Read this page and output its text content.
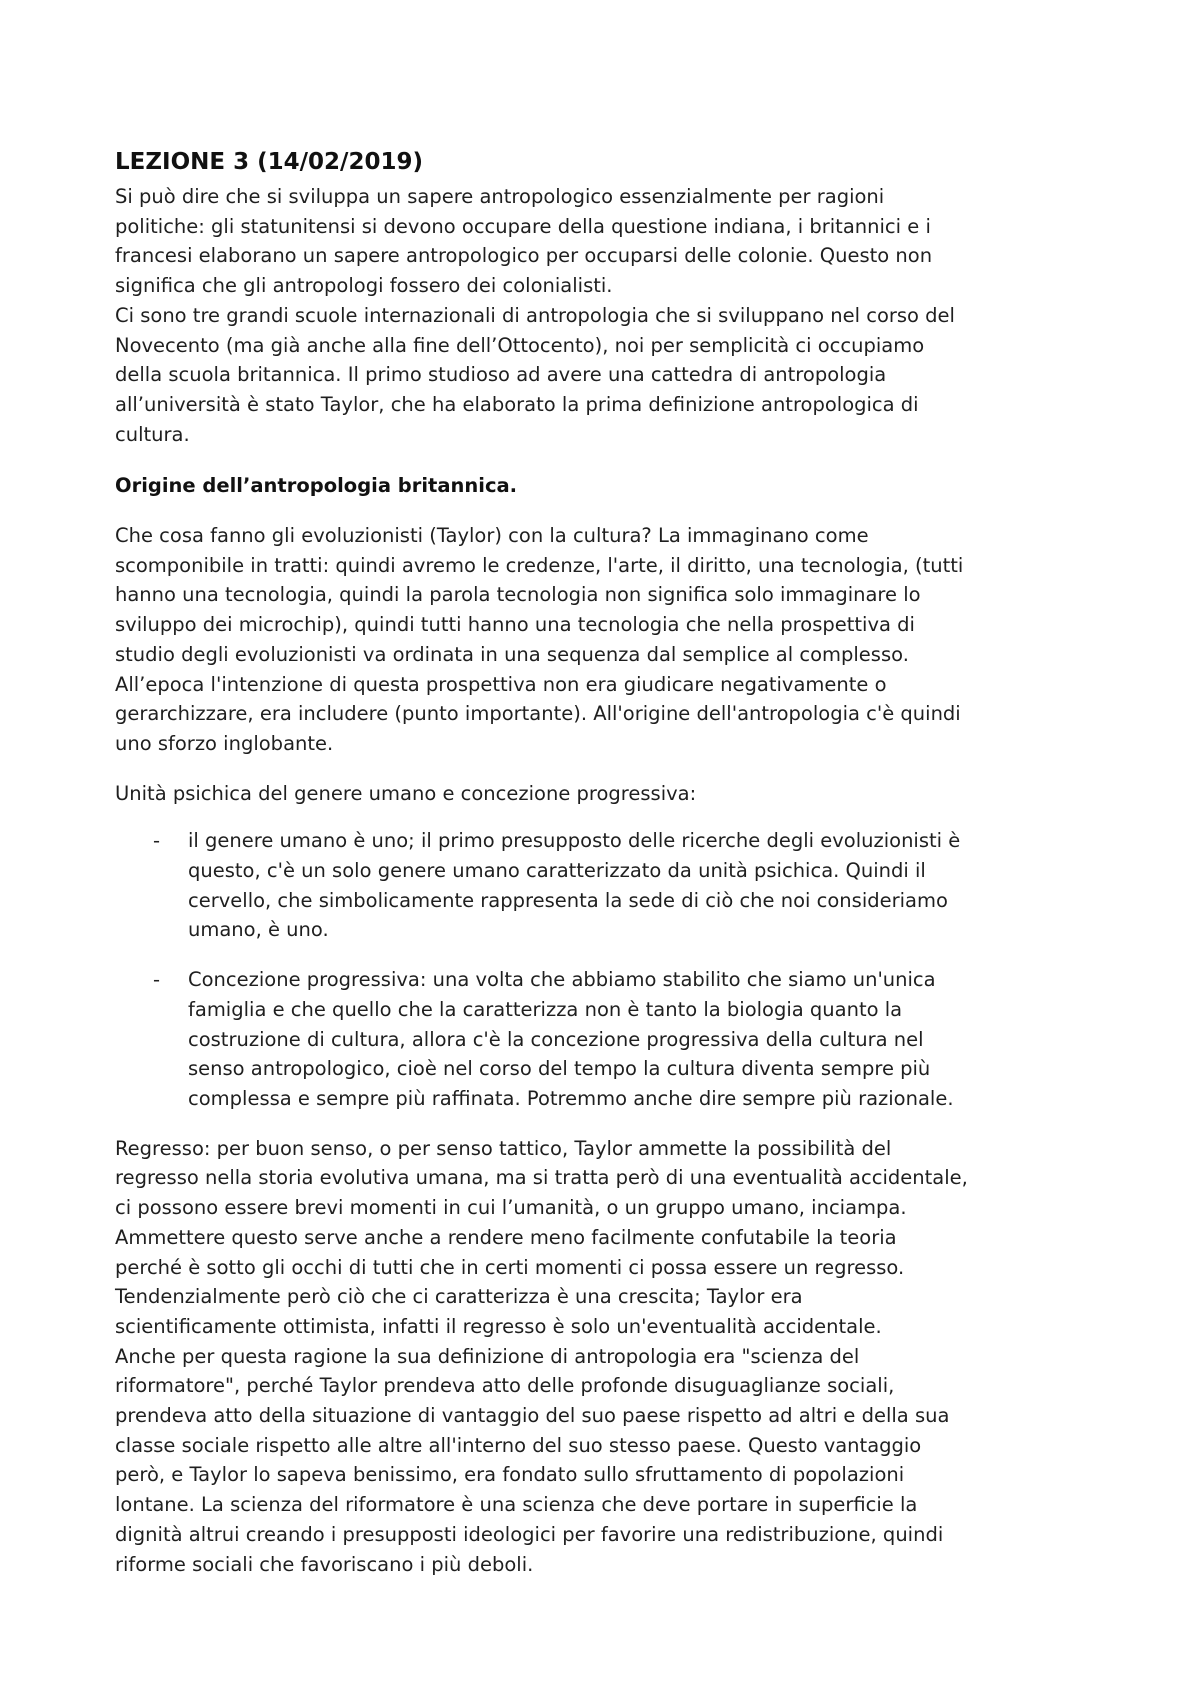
LEZIONE 3 (14/02/2019)

Si può dire che si sviluppa un sapere antropologico essenzialmente per ragioni
politiche: gli statunitensi si devono occupare della questione indiana, i britannici e i
francesi elaborano un sapere antropologico per occuparsi delle colonie. Questo non
significa che gli antropologi fossero dei colonialisti.
Ci sono tre grandi scuole internazionali di antropologia che si sviluppano nel corso del
Novecento (ma già anche alla fine dell’Ottocento), noi per semplicità ci occupiamo
della scuola britannica. Il primo studioso ad avere una cattedra di antropologia
all’università è stato Taylor, che ha elaborato la prima definizione antropologica di
cultura.

Origine dell’antropologia britannica.

Che cosa fanno gli evoluzionisti (Taylor) con la cultura? La immaginano come
scomponibile in tratti: quindi avremo le credenze, l'arte, il diritto, una tecnologia, (tutti
hanno una tecnologia, quindi la parola tecnologia non significa solo immaginare lo
sviluppo dei microchip), quindi tutti hanno una tecnologia che nella prospettiva di
studio degli evoluzionisti va ordinata in una sequenza dal semplice al complesso.
All’epoca l'intenzione di questa prospettiva non era giudicare negativamente o
gerarchizzare, era includere (punto importante). All'origine dell'antropologia c'è quindi
uno sforzo inglobante.

Unità psichica del genere umano e concezione progressiva:

-	il genere umano è uno; il primo presupposto delle ricerche degli evoluzionisti è
questo, c'è un solo genere umano caratterizzato da unità psichica. Quindi il
cervello, che simbolicamente rappresenta la sede di ciò che noi consideriamo
umano, è uno.
-	Concezione progressiva: una volta che abbiamo stabilito che siamo un'unica
famiglia e che quello che la caratterizza non è tanto la biologia quanto la
costruzione di cultura, allora c'è la concezione progressiva della cultura nel
senso antropologico, cioè nel corso del tempo la cultura diventa sempre più
complessa e sempre più raffinata. Potremmo anche dire sempre più razionale.

Regresso: per buon senso, o per senso tattico, Taylor ammette la possibilità del
regresso nella storia evolutiva umana, ma si tratta però di una eventualità accidentale,
ci possono essere brevi momenti in cui l’umanità, o un gruppo umano, inciampa.
Ammettere questo serve anche a rendere meno facilmente confutabile la teoria
perché è sotto gli occhi di tutti che in certi momenti ci possa essere un regresso.
Tendenzialmente però ciò che ci caratterizza è una crescita; Taylor era
scientificamente ottimista, infatti il regresso è solo un'eventualità accidentale.
Anche per questa ragione la sua definizione di antropologia era "scienza del
riformatore", perché Taylor prendeva atto delle profonde disuguaglianze sociali,
prendeva atto della situazione di vantaggio del suo paese rispetto ad altri e della sua
classe sociale rispetto alle altre all'interno del suo stesso paese. Questo vantaggio
però, e Taylor lo sapeva benissimo, era fondato sullo sfruttamento di popolazioni
lontane. La scienza del riformatore è una scienza che deve portare in superficie la
dignità altrui creando i presupposti ideologici per favorire una redistribuzione, quindi
riforme sociali che favoriscano i più deboli.
